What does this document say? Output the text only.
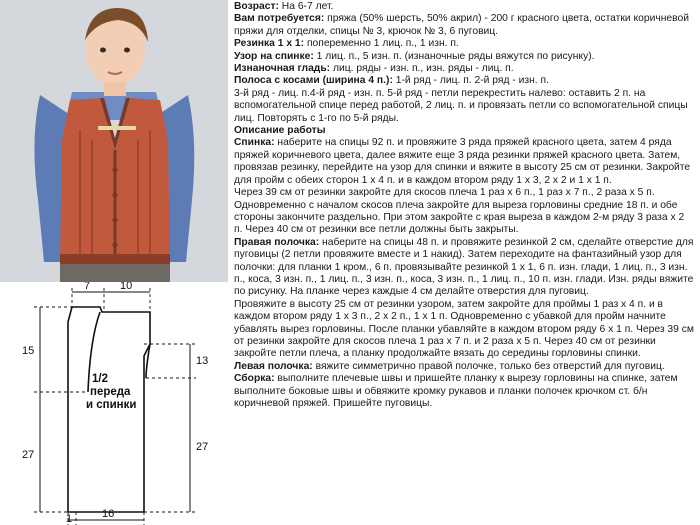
7	10
15
27
13
27
1	16
1/2
переда
и спинки

Возраст: На 6-7 лет.

Вам потребуется: пряжа (50% шерсть, 50% акрил) - 200 г красного цвета, остатки коричневой пряжи для отделки, спицы № 3, крючок № 3, 6 пуговиц.

Резинка 1 х 1: попеременно 1 лиц. п., 1 изн. п.

Узор на спинке: 1 лиц. п., 5 изн. п. (изнаночные ряды вяжутся по рисунку).

Изнаночная гладь: лиц. ряды - изн. п., изн. ряды - лиц. п.

Полоса с косами (ширина 4 п.): 1-й ряд - лиц. п. 2-й ряд - изн. п.

3-й ряд - лиц. п.4-й ряд - изн. п. 5-й ряд - петли перекрестить налево: оставить 2 п. на вспомогательной спице перед работой, 2 лиц. п. и провязать петли со вспомогательной спицы лиц. Повторять с 1-го по 5-й ряды.

Описание работы

Спинка: наберите на спицы 92 п. и провяжите 3 ряда пряжей красного цвета, затем 4 ряда пряжей коричневого цвета, далее вяжите еще 3 ряда резинки пряжей красного цвета. Затем, провязав резинку, перейдите на узор для спинки и вяжите в высоту 25 см от резинки. Закройте для пройм с обеих сторон 1 х 4 п. и в каждом втором ряду 1 х 3, 2 х 2 и 1 х 1 п.

Через 39 см от резинки закройте для скосов плеча 1 раз х 6 п., 1 раз х 7 п., 2 раза х 5 п. Одновременно с началом скосов плеча закройте для выреза горловины средние 18 п. и обе стороны закончите раздельно. При этом закройте с края выреза в каждом 2-м ряду 3 раза х 2 п. Через 40 см от резинки все петли должны быть закрыты.

Правая полочка: наберите на спицы 48 п. и провяжите резинкой 2 см, сделайте отверстие для пуговицы (2 петли провяжите вместе и 1 накид). Затем переходите на фантазийный узор для полочки: для планки 1 кром., 6 п. провязывайте резинкой 1 х 1, 6 п. изн. глади, 1 лиц. п., 3 изн. п., коса, 3 изн. п., 1 лиц. п., 3 изн. п., коса, 3 изн. п., 1 лиц. п., 10 п. изн. глади. Изн. ряды вяжите по рисунку. На планке через каждые 4 см делайте отверстия для пуговиц.

Провяжите в высоту 25 см от резинки узором, затем закройте для проймы 1 раз х 4 п. и в каждом втором ряду 1 х 3 п., 2 х 2 п., 1 х 1 п. Одновременно с убавкой для пройм начните убавлять вырез горловины. После планки убавляйте в каждом втором ряду 6 х 1 п. Через 39 см от резинки закройте для скосов плеча 1 раз х 7 п. и 2 раза х 5 п. Через 40 см от резинки закройте петли плеча, а планку продолжайте вязать до середины горловины спинки.

Левая полочка: вяжите симметрично правой полочке, только без отверстий для пуговиц. Сборка: выполните плечевые швы и пришейте планку к вырезу горловины на спинке, затем выполните боковые швы и обвяжите кромку рукавов и планки полочек крючком ст. б/н коричневой пряжей. Пришейте пуговицы.
